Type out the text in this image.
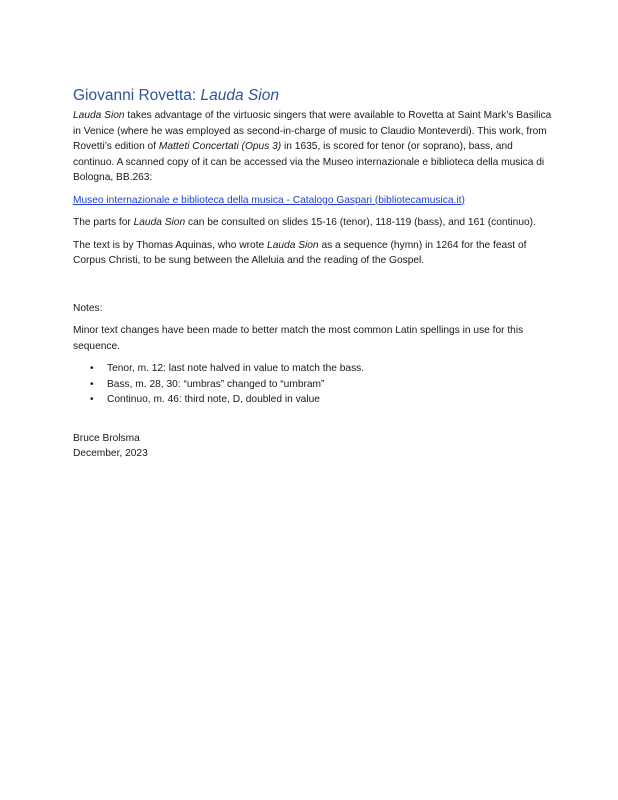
Giovanni Rovetta: Lauda Sion

Lauda Sion takes advantage of the virtuosic singers that were available to Rovetta at Saint Mark’s Basilica in Venice (where he was employed as second-in-charge of music to Claudio Monteverdi). This work, from Rovetti’s edition of Matteti Concertati (Opus 3) in 1635, is scored for tenor (or soprano), bass, and continuo. A scanned copy of it can be accessed via the Museo internazionale e biblioteca della musica di Bologna, BB.263:

Museo internazionale e biblioteca della musica - Catalogo Gaspari (bibliotecamusica.it)

The parts for Lauda Sion can be consulted on slides 15-16 (tenor), 118-119 (bass), and 161 (continuo).

The text is by Thomas Aquinas, who wrote Lauda Sion as a sequence (hymn) in 1264 for the feast of Corpus Christi, to be sung between the Alleluia and the reading of the Gospel.

Notes:

Minor text changes have been made to better match the most common Latin spellings in use for this sequence.

• Tenor, m. 12: last note halved in value to match the bass.
• Bass, m. 28, 30: “umbras” changed to “umbram”
• Continuo, m. 46: third note, D, doubled in value
Bruce Brolsma
December, 2023
